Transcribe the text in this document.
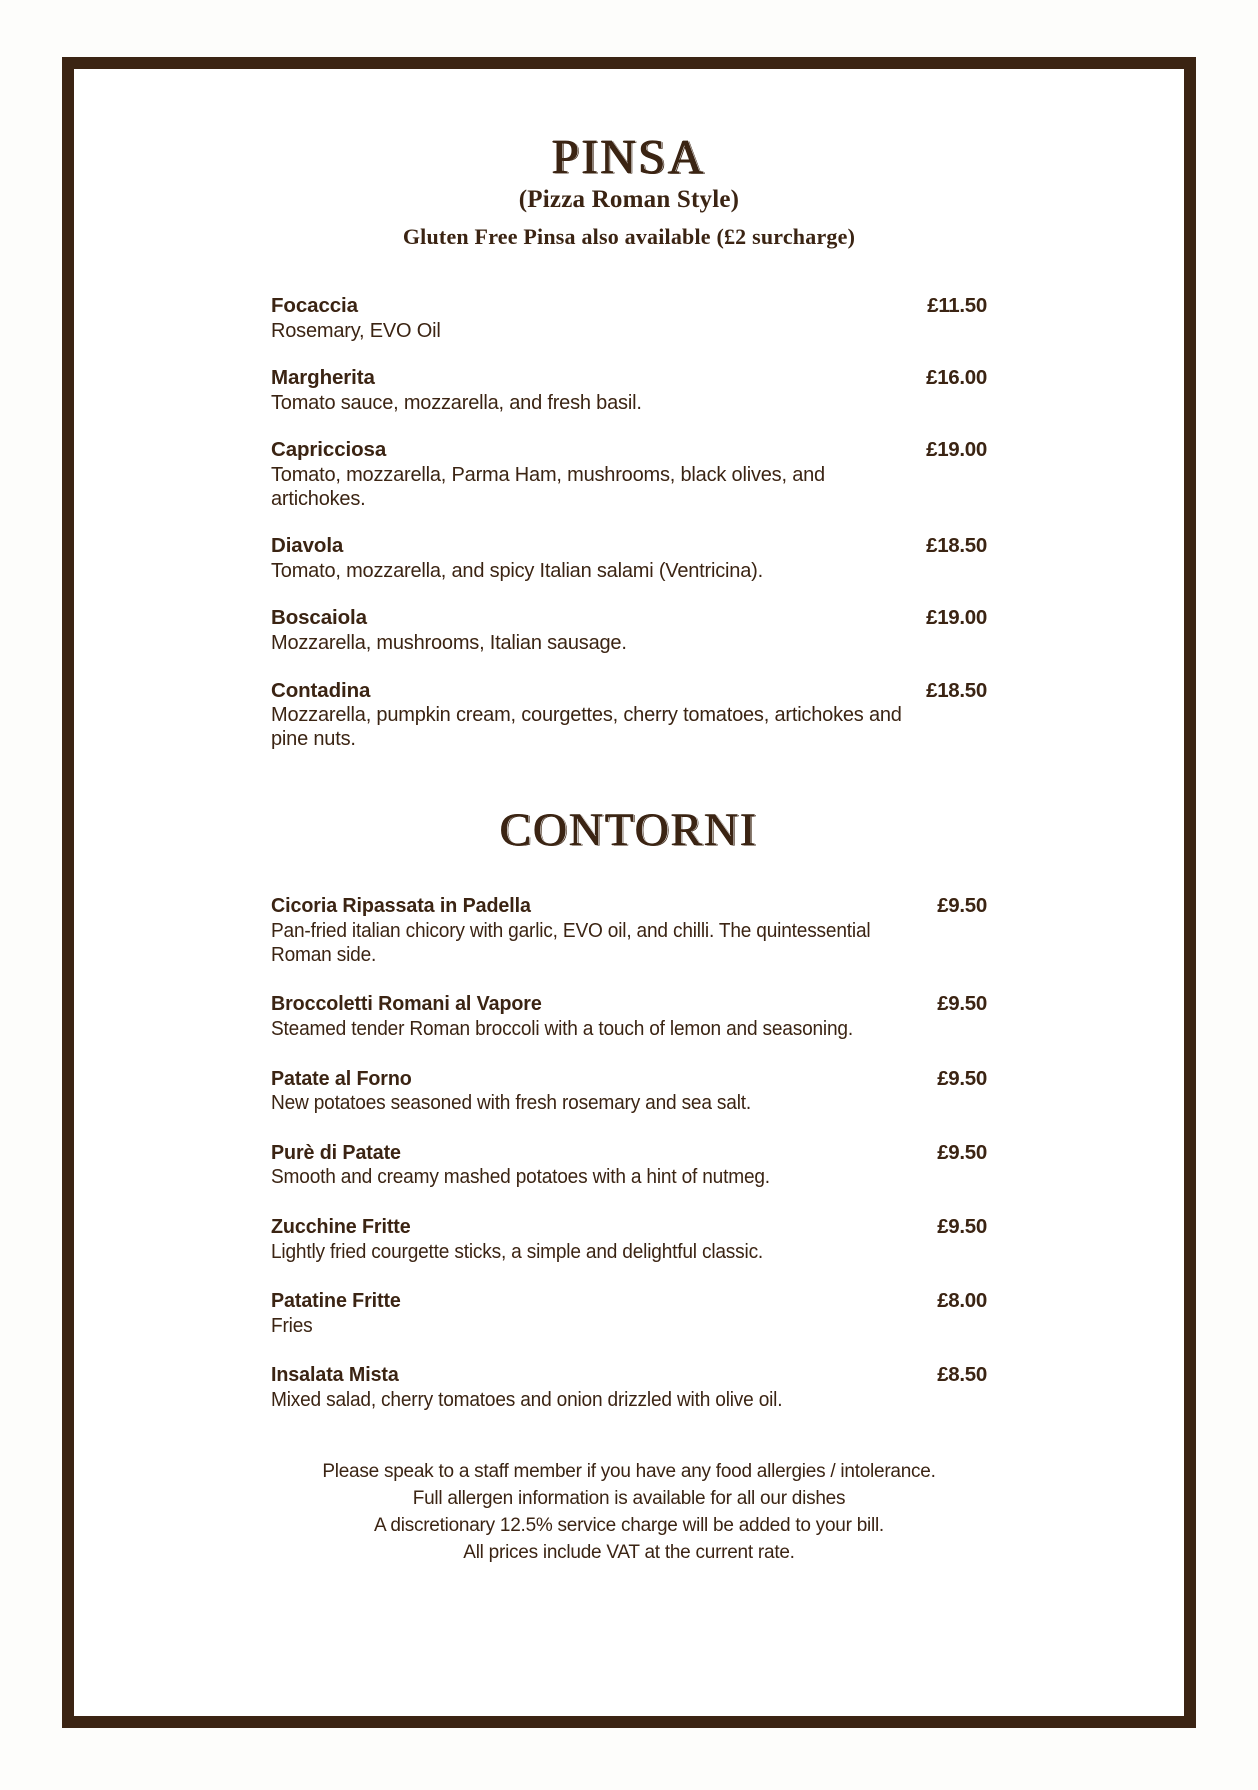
PINSA
(Pizza Roman Style)
Gluten Free Pinsa also available (£2 surcharge)
Focaccia	£11.50
Rosemary, EVO Oil
Margherita	£16.00
Tomato sauce, mozzarella, and fresh basil.
Capricciosa	£19.00
Tomato, mozzarella, Parma Ham, mushrooms, black olives, and artichokes.
Diavola	£18.50
Tomato, mozzarella, and spicy Italian salami (Ventricina).
Boscaiola	£19.00
Mozzarella, mushrooms, Italian sausage.
Contadina	£18.50
Mozzarella, pumpkin cream, courgettes, cherry tomatoes, artichokes and pine nuts.
CONTORNI
Cicoria Ripassata in Padella	£9.50
Pan-fried italian chicory with garlic, EVO oil, and chilli. The quintessential Roman side.
Broccoletti Romani al Vapore	£9.50
Steamed tender Roman broccoli with a touch of lemon and seasoning.
Patate al Forno	£9.50
New potatoes seasoned with fresh rosemary and sea salt.
Purè di Patate	£9.50
Smooth and creamy mashed potatoes with a hint of nutmeg.
Zucchine Fritte	£9.50
Lightly fried courgette sticks, a simple and delightful classic.
Patatine Fritte	£8.00
Fries
Insalata Mista	£8.50
Mixed salad, cherry tomatoes and onion drizzled with olive oil.
Please speak to a staff member if you have any food allergies / intolerance.
Full allergen information is available for all our dishes
A discretionary 12.5% service charge will be added to your bill.
All prices include VAT at the current rate.
